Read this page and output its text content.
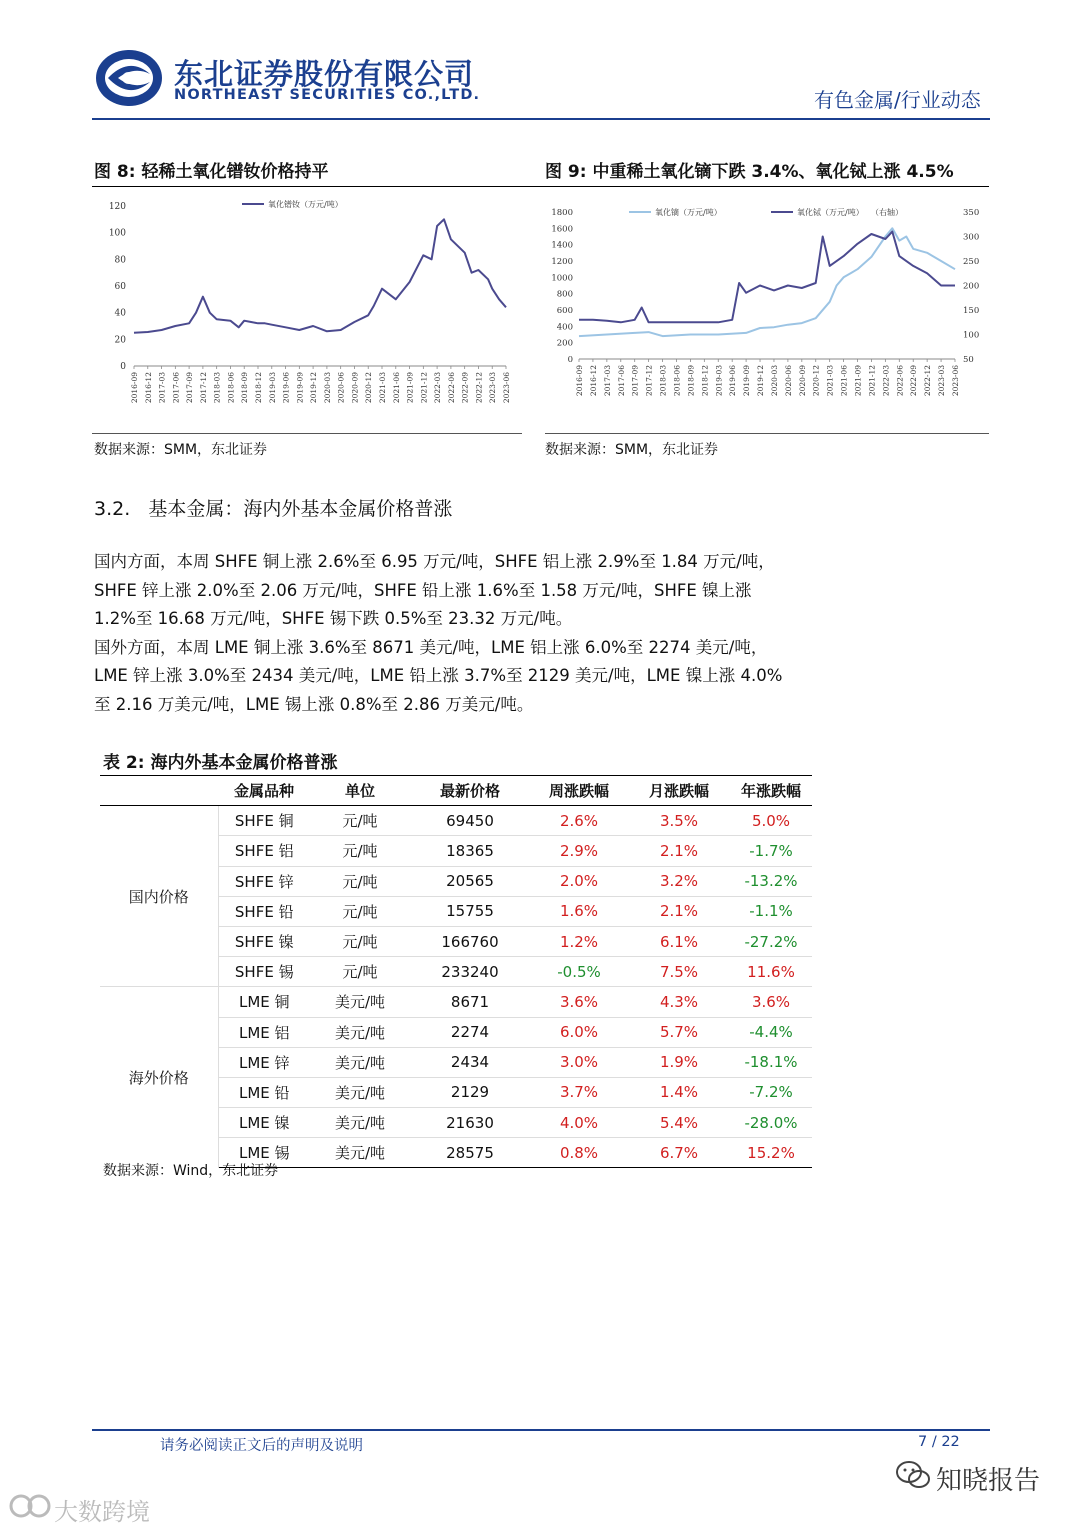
东北证券股份有限公司
NORTHEAST SECURITIES CO.,LTD.	有色金属/行业动态
图 8: 轻稀土氧化镨钕价格持平	图 9: 中重稀土氧化镝下跌 3.4%、氧化铽上涨 4.5%
0
20
40
60
80
100
120
2016-09 2016-12 2017-03 2017-06 2017-09 2017-12 2018-03 2018-06 2018-09 2018-12 2019-03 2019-06 2019-09 2019-12 2020-03 2020-06 2020-09 2020-12 2021-03 2021-06 2021-09 2021-12 2022-03 2022-06 2022-09 2022-12 2023-03 2023-06
氧化镨钕（万元/吨）
0
200
400
600
800
1000
1200
1400
1600
1800
50
100
150
200
250
300
350
2016-09 2016-12 2017-03 2017-06 2017-09 2017-12 2018-03 2018-06 2018-09 2018-12 2019-03 2019-06 2019-09 2019-12 2020-03 2020-06 2020-09 2020-12 2021-03 2021-06 2021-09 2021-12 2022-03 2022-06 2022-09 2022-12 2023-03 2023-06
氧化镝（万元/吨）	氧化铽（万元/吨） （右轴）
数据来源：SMM，东北证券	数据来源：SMM，东北证券
3.2. 基本金属：海内外基本金属价格普涨

国内方面，本周 SHFE 铜上涨 2.6%至 6.95 万元/吨，SHFE 铝上涨 2.9%至 1.84 万元/吨，SHFE 锌上涨 2.0%至 2.06 万元/吨，SHFE 铅上涨 1.6%至 1.58 万元/吨，SHFE 镍上涨 1.2%至 16.68 万元/吨，SHFE 锡下跌 0.5%至 23.32 万元/吨。

国外方面，本周 LME 铜上涨 3.6%至 8671 美元/吨，LME 铝上涨 6.0%至 2274 美元/吨，LME 锌上涨 3.0%至 2434 美元/吨，LME 铅上涨 3.7%至 2129 美元/吨，LME 镍上涨 4.0%至 2.16 万美元/吨，LME 锡上涨 0.8%至 2.86 万美元/吨。

表 2: 海内外基本金属价格普涨
	金属品种	单位	最新价格	周涨跌幅	月涨跌幅	年涨跌幅
国内价格	SHFE 铜	元/吨	69450	2.6%	3.5%	5.0%
	SHFE 铝	元/吨	18365	2.9%	2.1%	-1.7%
	SHFE 锌	元/吨	20565	2.0%	3.2%	-13.2%
	SHFE 铅	元/吨	15755	1.6%	2.1%	-1.1%
	SHFE 镍	元/吨	166760	1.2%	6.1%	-27.2%
	SHFE 锡	元/吨	233240	-0.5%	7.5%	11.6%
海外价格	LME 铜	美元/吨	8671	3.6%	4.3%	3.6%
	LME 铝	美元/吨	2274	6.0%	5.7%	-4.4%
	LME 锌	美元/吨	2434	3.0%	1.9%	-18.1%
	LME 铅	美元/吨	2129	3.7%	1.4%	-7.2%
	LME 镍	美元/吨	21630	4.0%	5.4%	-28.0%
	LME 锡	美元/吨	28575	0.8%	6.7%	15.2%
数据来源：Wind，东北证券
请务必阅读正文后的声明及说明	7 / 22
知晓报告
大数跨境
